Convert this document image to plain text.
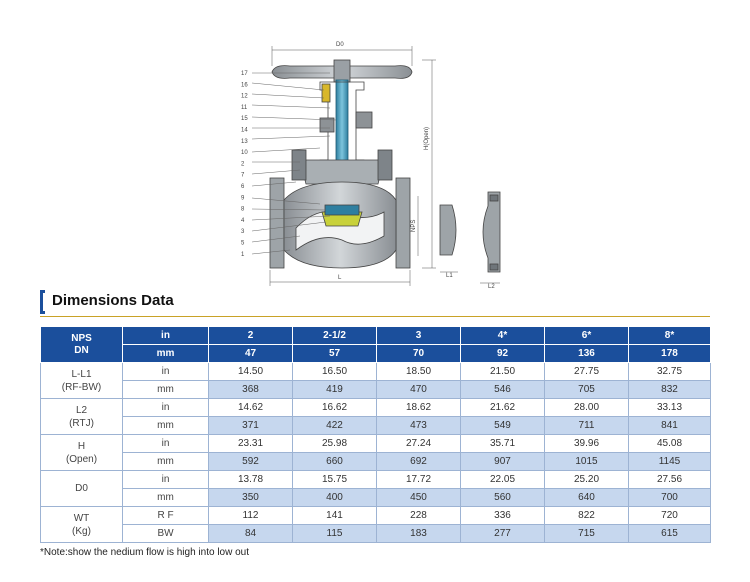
17
16
12
11
15
14
13
10
2
7
6
9
8
4
3
5
1
D0
H(Open)
NPS
L	L1
L2
Dimensions Data
NPS
DN	in	2	2-1/2	3	4*	6*	8*
	mm	47	57	70	92	136	178

L-L1
(RF-BW)	in	14.50	16.50	18.50	21.50	27.75	32.75
	mm	368	419	470	546	705	832

L2
(RTJ)	in	14.62	16.62	18.62	21.62	28.00	33.13
	mm	371	422	473	549	711	841

H
(Open)	in	23.31	25.98	27.24	35.71	39.96	45.08
	mm	592	660	692	907	1015	1145

D0	in	13.78	15.75	17.72	22.05	25.20	27.56
	mm	350	400	450	560	640	700

WT
(Kg)	R F	112	141	228	336	822	720
	BW	84	115	183	277	715	615
*Note:show the nedium flow is high into low out
